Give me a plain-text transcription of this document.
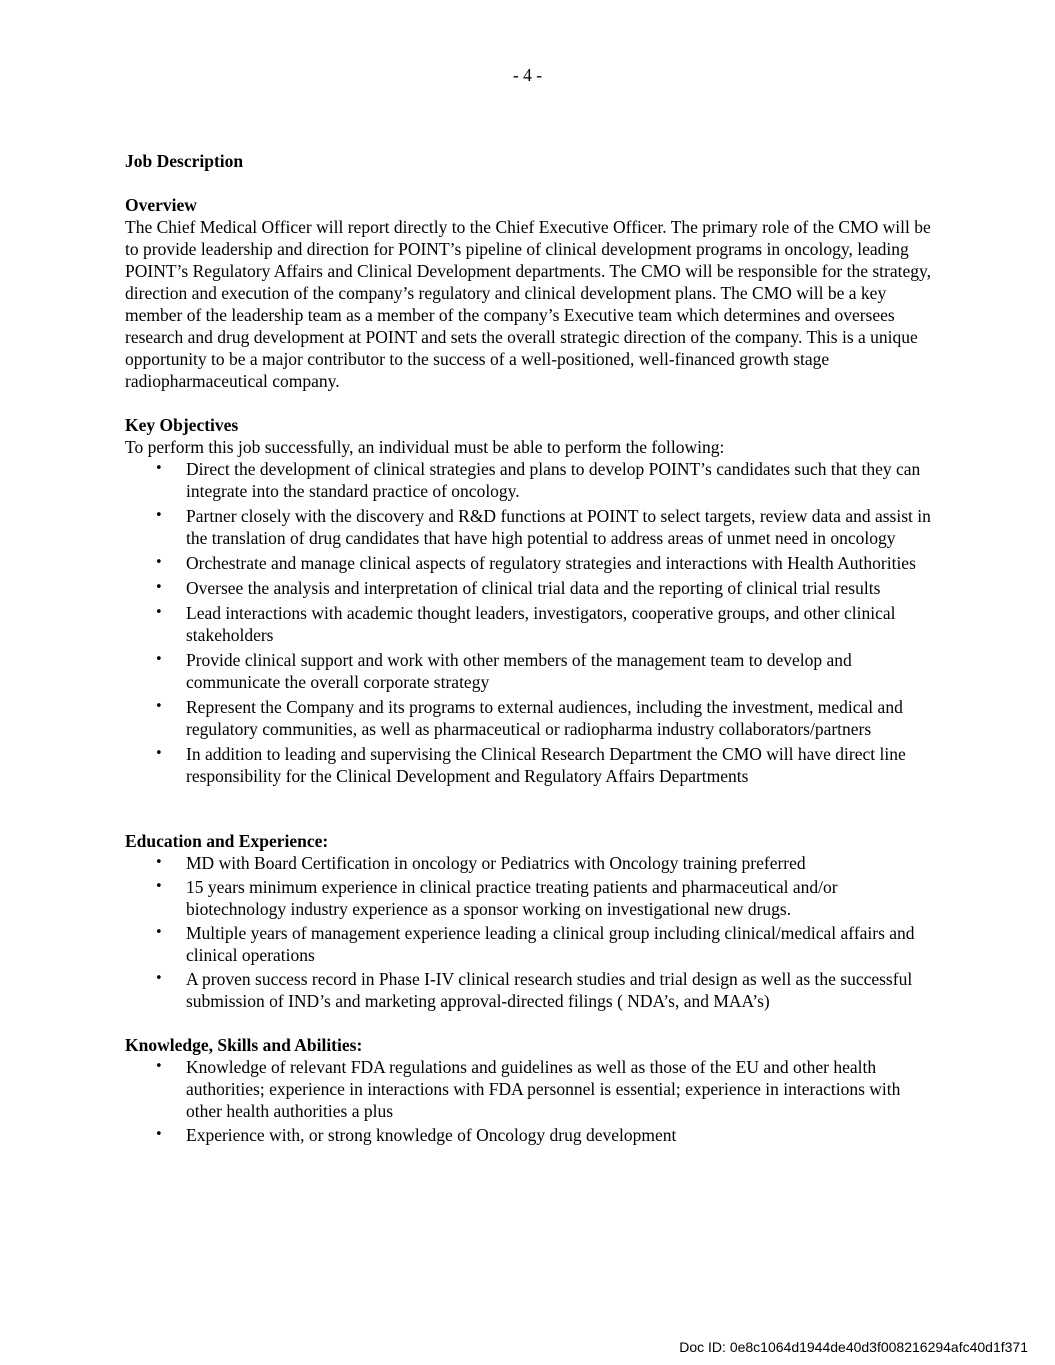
- 4 -

Job Description

Overview

The Chief Medical Officer will report directly to the Chief Executive Officer. The primary role of the CMO will be to provide leadership and direction for POINT’s pipeline of clinical development programs in oncology, leading POINT’s Regulatory Affairs and Clinical Development departments. The CMO will be responsible for the strategy, direction and execution of the company’s regulatory and clinical development plans. The CMO will be a key member of the leadership team as a member of the company’s Executive team which determines and oversees research and drug development at POINT and sets the overall strategic direction of the company. This is a unique opportunity to be a major contributor to the success of a well-positioned, well-financed growth stage radiopharmaceutical company.

Key Objectives

To perform this job successfully, an individual must be able to perform the following:

• Direct the development of clinical strategies and plans to develop POINT’s candidates such that they can integrate into the standard practice of oncology.
• Partner closely with the discovery and R&D functions at POINT to select targets, review data and assist in the translation of drug candidates that have high potential to address areas of unmet need in oncology
• Orchestrate and manage clinical aspects of regulatory strategies and interactions with Health Authorities
• Oversee the analysis and interpretation of clinical trial data and the reporting of clinical trial results
• Lead interactions with academic thought leaders, investigators, cooperative groups, and other clinical stakeholders
• Provide clinical support and work with other members of the management team to develop and communicate the overall corporate strategy
• Represent the Company and its programs to external audiences, including the investment, medical and regulatory communities, as well as pharmaceutical or radiopharma industry collaborators/partners
• In addition to leading and supervising the Clinical Research Department the CMO will have direct line responsibility for the Clinical Development and Regulatory Affairs Departments

Education and Experience:

• MD with Board Certification in oncology or Pediatrics with Oncology training preferred
• 15 years minimum experience in clinical practice treating patients and pharmaceutical and/or biotechnology industry experience as a sponsor working on investigational new drugs.
• Multiple years of management experience leading a clinical group including clinical/medical affairs and clinical operations
• A proven success record in Phase I-IV clinical research studies and trial design as well as the successful submission of IND’s and marketing approval-directed filings ( NDA’s, and MAA’s)

Knowledge, Skills and Abilities:

• Knowledge of relevant FDA regulations and guidelines as well as those of the EU and other health authorities; experience in interactions with FDA personnel is essential; experience in interactions with other health authorities a plus
• Experience with, or strong knowledge of Oncology drug development
Doc ID: 0e8c1064d1944de40d3f008216294afc40d1f371
